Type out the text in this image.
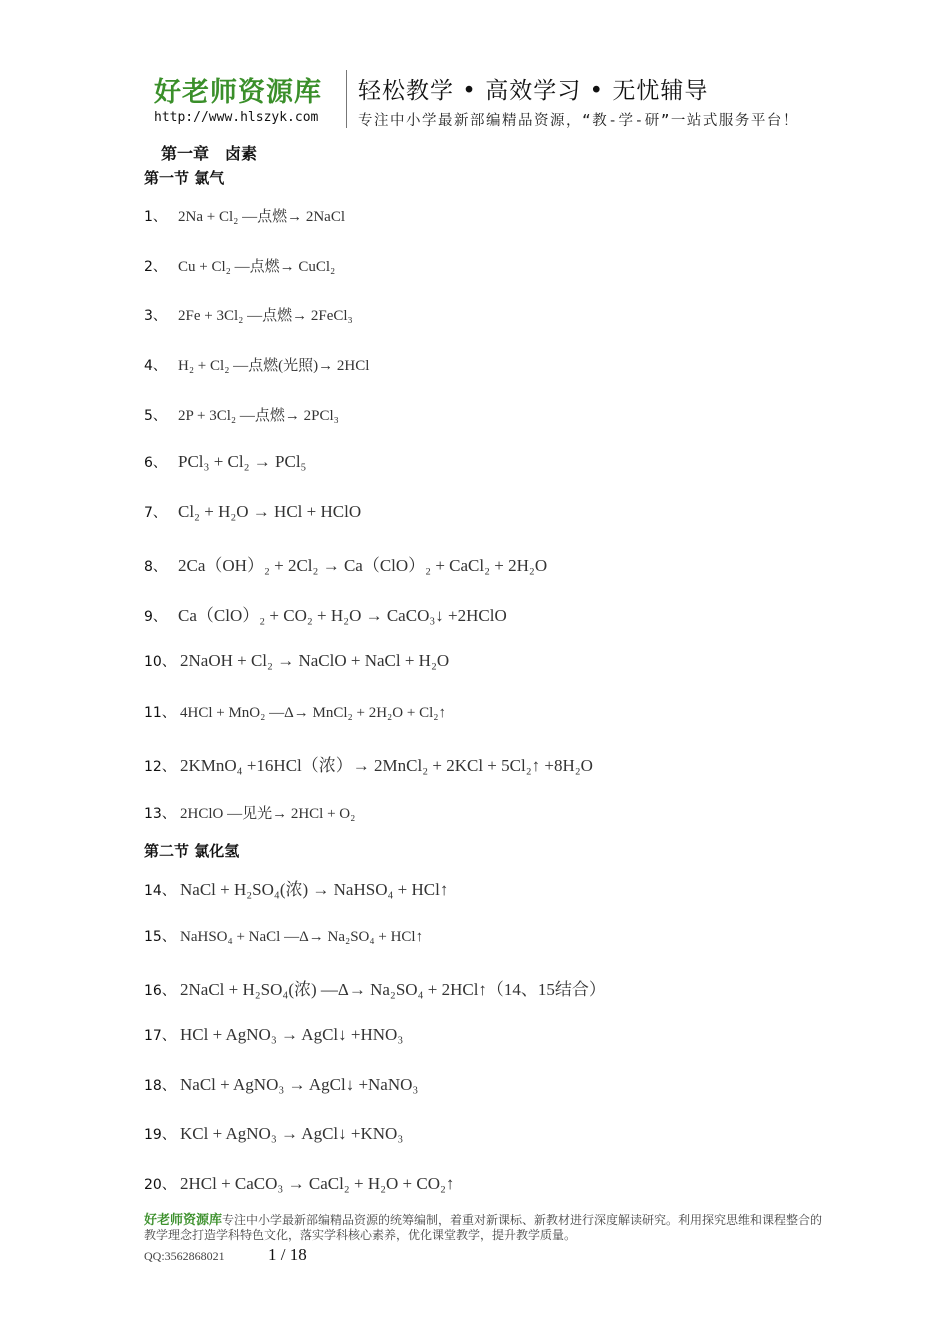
好老师资源库
http://www.hlszyk.com
轻松教学 • 高效学习 • 无忧辅导
专注中小学最新部编精品资源，“教-学-研”一站式服务平台！
第一章　卤素
第一节 氯气
1、 2Na + Cl₂ —点燃→ 2NaCl
2、 Cu + Cl₂ —点燃→ CuCl₂
3、 2Fe + 3Cl₂ —点燃→ 2FeCl₃
4、 H₂ + Cl₂ —点燃(光照)→ 2HCl
5、 2P + 3Cl₂ —点燃→ 2PCl₃
6、 PCl₃ + Cl₂ → PCl₅
7、 Cl₂ + H₂O → HCl + HClO
8、 2Ca（OH）₂ + 2Cl₂ → Ca（ClO）₂ + CaCl₂ + 2H₂O
9、 Ca（ClO）₂ + CO₂ + H₂O → CaCO₃↓ +2HClO
10、 2NaOH + Cl₂ → NaClO + NaCl + H₂O
11、 4HCl + MnO₂ —Δ→ MnCl₂ + 2H₂O + Cl₂↑
12、 2KMnO₄ +16HCl（浓）→ 2MnCl₂ + 2KCl + 5Cl₂↑ +8H₂O
13、 2HClO —见光→ 2HCl + O₂
第二节 氯化氢
14、 NaCl + H₂SO₄(浓) → NaHSO₄ + HCl↑
15、 NaHSO₄ + NaCl —Δ→ Na₂SO₄ + HCl↑
16、 2NaCl + H₂SO₄(浓) —Δ→ Na₂SO₄ + 2HCl↑（14、15结合）
17、 HCl + AgNO₃ → AgCl↓ +HNO₃
18、 NaCl + AgNO₃ → AgCl↓ +NaNO₃
19、 KCl + AgNO₃ → AgCl↓ +KNO₃
20、 2HCl + CaCO₃ → CaCl₂ + H₂O + CO₂↑
好老师资源库专注中小学最新部编精品资源的统筹编制，着重对新课标、新教材进行深度解读研究。利用探究思维和课程整合的教学理念打造学科特色文化，落实学科核心素养，优化课堂教学，提升教学质量。
QQ:3562868021	1 / 18
